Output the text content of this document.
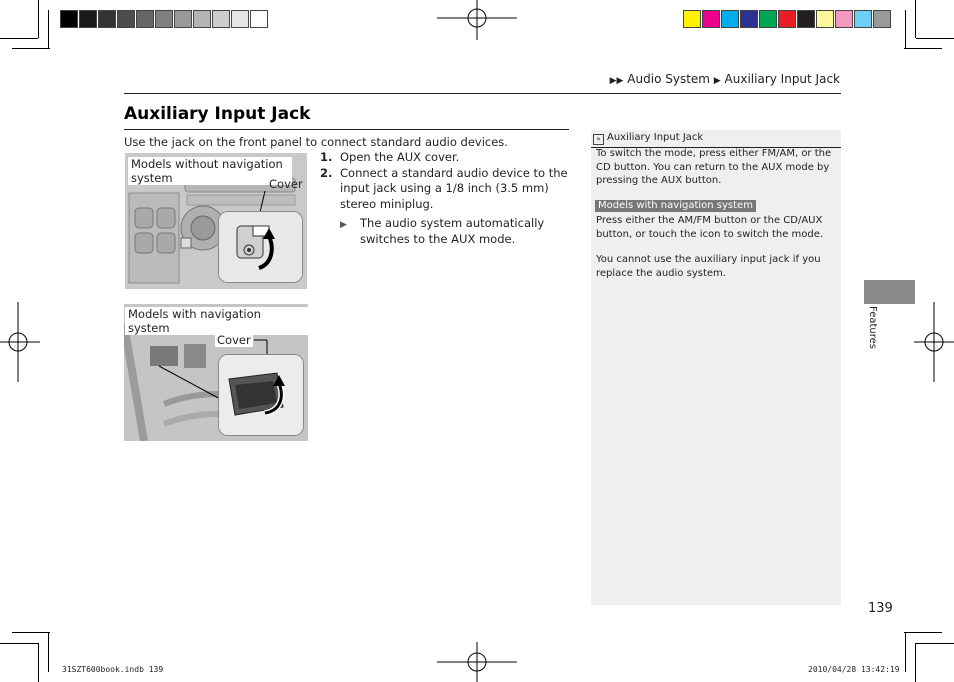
▶▶ Audio System ▶ Auxiliary Input Jack
Auxiliary Input Jack
Use the jack on the front panel to connect standard audio devices.
Models without navigation system	Cover
Models with navigation system
Cover
1. Open the AUX cover.
2. Connect a standard audio device to the input jack using a 1/8 inch (3.5 mm) stereo miniplug.
▶	The audio system automatically switches to the AUX mode.
» Auxiliary Input Jack

To switch the mode, press either FM/AM, or the CD button. You can return to the AUX mode by pressing the AUX button.

Models with navigation system

Press either the AM/FM button or the CD/AUX button, or touch the icon to switch the mode.

You cannot use the auxiliary input jack if you replace the audio system.

Features
139
31SZT600book.indb 139	2010/04/28 13:42:19
